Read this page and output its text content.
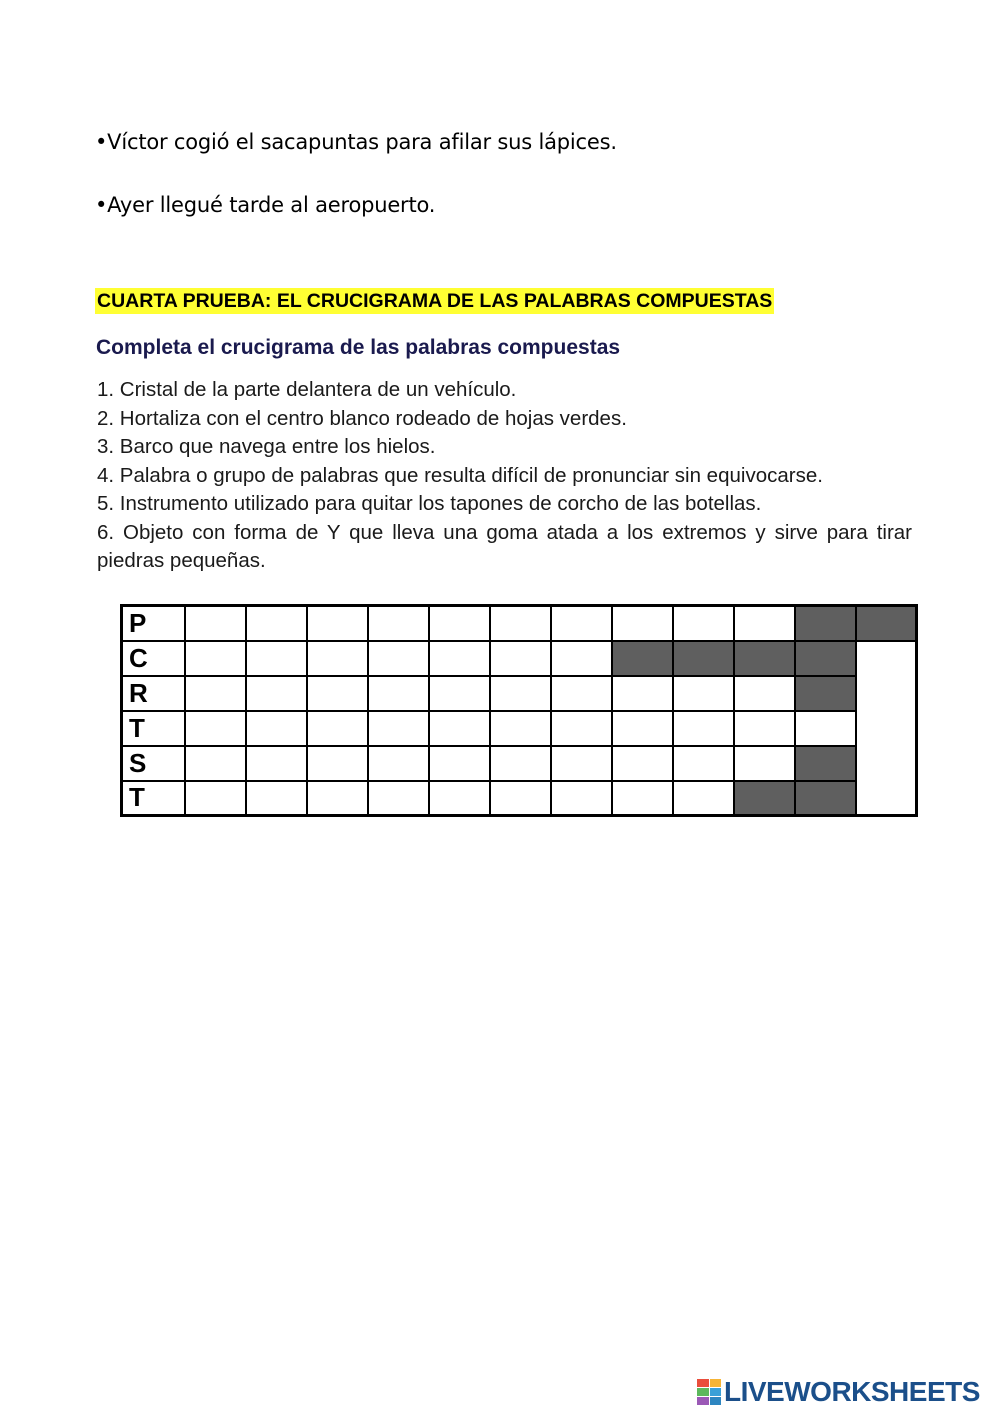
•Víctor cogió el sacapuntas para afilar sus lápices.
•Ayer llegué tarde al aeropuerto.
CUARTA PRUEBA: EL CRUCIGRAMA DE LAS PALABRAS COMPUESTAS
Completa el crucigrama de las palabras compuestas
1. Cristal de la parte delantera de un vehículo.
2. Hortaliza con el centro blanco rodeado de hojas verdes.
3. Barco que navega entre los hielos.
4. Palabra o grupo de palabras que resulta difícil de pronunciar sin equivocarse.
5. Instrumento utilizado para quitar los tapones de corcho de las botellas.
6. Objeto con forma de Y que lleva una goma atada a los extremos y sirve para tirar piedras pequeñas.
P												
C												
R												
T												
S												
T												
LIVEWORKSHEETS
